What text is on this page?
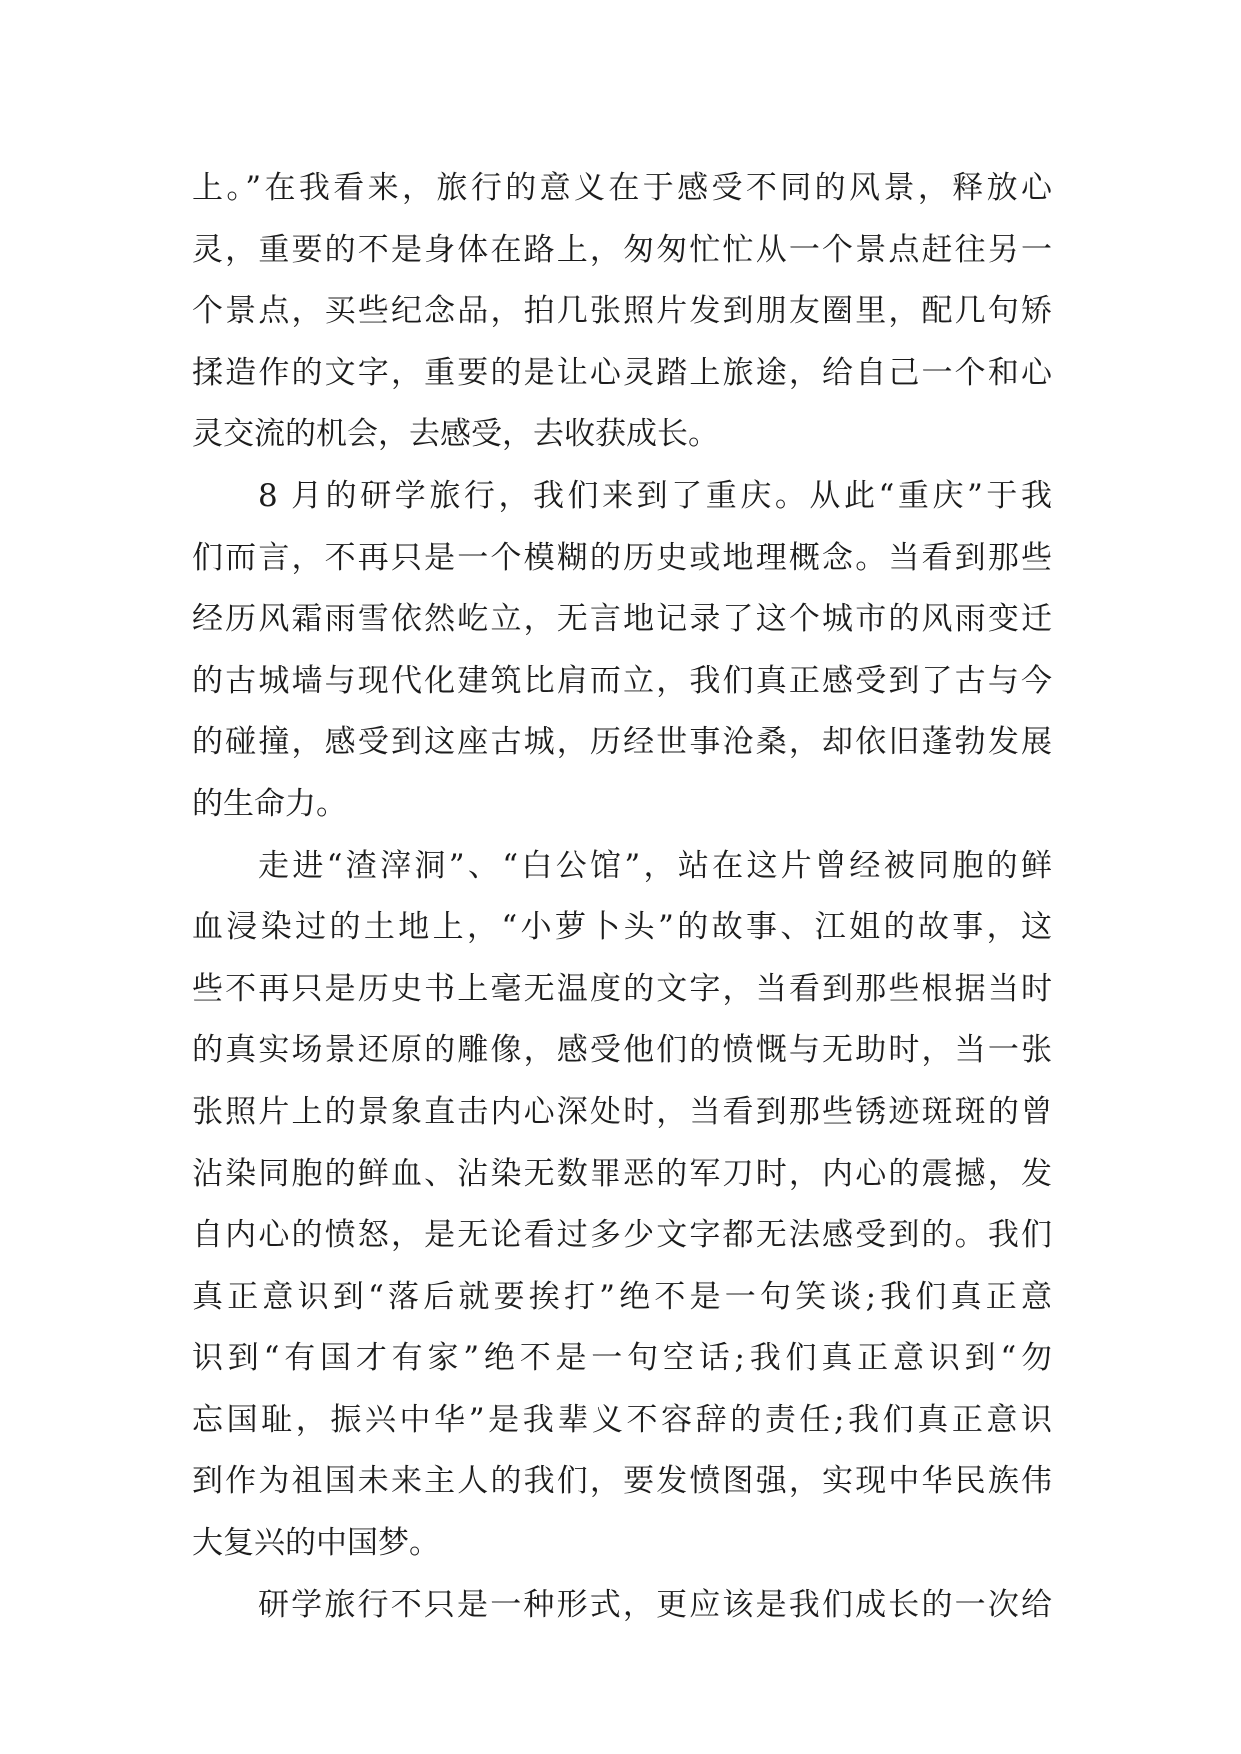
上。”在我看来，旅行的意义在于感受不同的风景，释放心
灵，重要的不是身体在路上，匆匆忙忙从一个景点赶往另一
个景点，买些纪念品，拍几张照片发到朋友圈里，配几句矫
揉造作的文字，重要的是让心灵踏上旅途，给自己一个和心
灵交流的机会，去感受，去收获成长。
8 月的研学旅行，我们来到了重庆。从此“重庆”于我
们而言，不再只是一个模糊的历史或地理概念。当看到那些
经历风霜雨雪依然屹立，无言地记录了这个城市的风雨变迁
的古城墙与现代化建筑比肩而立，我们真正感受到了古与今
的碰撞，感受到这座古城，历经世事沧桑，却依旧蓬勃发展
的生命力。
走进“渣滓洞”、“白公馆”，站在这片曾经被同胞的鲜
血浸染过的土地上，“小萝卜头”的故事、江姐的故事，这
些不再只是历史书上毫无温度的文字，当看到那些根据当时
的真实场景还原的雕像，感受他们的愤慨与无助时，当一张
张照片上的景象直击内心深处时，当看到那些锈迹斑斑的曾
沾染同胞的鲜血、沾染无数罪恶的军刀时，内心的震撼，发
自内心的愤怒，是无论看过多少文字都无法感受到的。我们
真正意识到“落后就要挨打”绝不是一句笑谈;我们真正意
识到“有国才有家”绝不是一句空话;我们真正意识到“勿
忘国耻，振兴中华”是我辈义不容辞的责任;我们真正意识
到作为祖国未来主人的我们，要发愤图强，实现中华民族伟
大复兴的中国梦。
研学旅行不只是一种形式，更应该是我们成长的一次给
